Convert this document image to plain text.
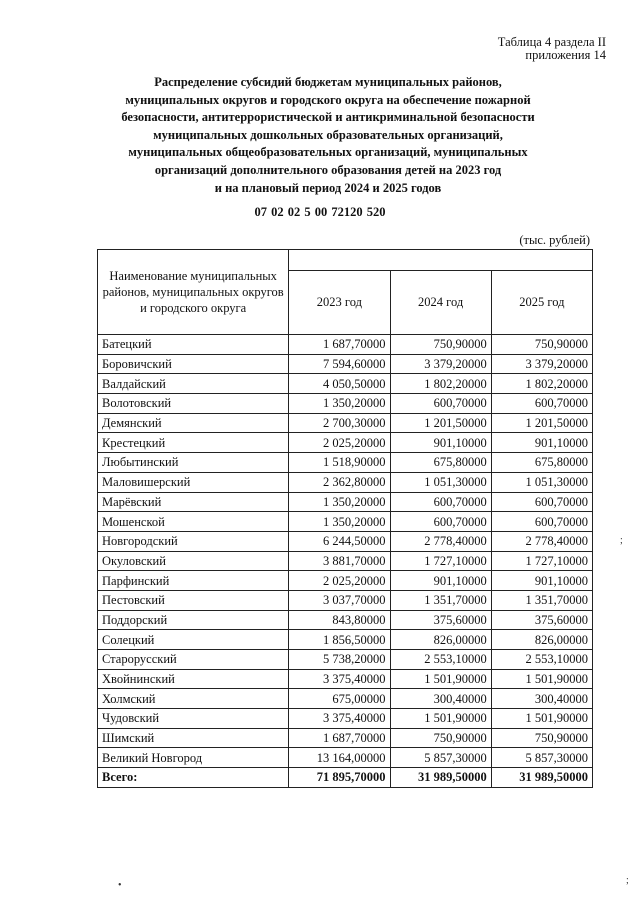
Таблица 4 раздела II
приложения 14
Распределение субсидий бюджетам муниципальных районов,
муниципальных округов и городского округа на обеспечение пожарной
безопасности, антитеррористической и антикриминальной безопасности
муниципальных дошкольных образовательных организаций,
муниципальных общеобразовательных организаций, муниципальных
организаций дополнительного образования детей на 2023 год
и на плановый период 2024 и 2025 годов
07 02 02 5 00 72120 520
(тыс. рублей)
Наименование муниципальных районов, муниципальных округов и городского округа			
	2023 год	2024 год	2025 год
Батецкий	1 687,70000	750,90000	750,90000
Боровичский	7 594,60000	3 379,20000	3 379,20000
Валдайский	4 050,50000	1 802,20000	1 802,20000
Волотовский	1 350,20000	600,70000	600,70000
Демянский	2 700,30000	1 201,50000	1 201,50000
Крестецкий	2 025,20000	901,10000	901,10000
Любытинский	1 518,90000	675,80000	675,80000
Маловишерский	2 362,80000	1 051,30000	1 051,30000
Марёвский	1 350,20000	600,70000	600,70000
Мошенской	1 350,20000	600,70000	600,70000
Новгородский	6 244,50000	2 778,40000	2 778,40000
Окуловский	3 881,70000	1 727,10000	1 727,10000
Парфинский	2 025,20000	901,10000	901,10000
Пестовский	3 037,70000	1 351,70000	1 351,70000
Поддорский	843,80000	375,60000	375,60000
Солецкий	1 856,50000	826,00000	826,00000
Старорусский	5 738,20000	2 553,10000	2 553,10000
Хвойнинский	3 375,40000	1 501,90000	1 501,90000
Холмский	675,00000	300,40000	300,40000
Чудовский	3 375,40000	1 501,90000	1 501,90000
Шимский	1 687,70000	750,90000	750,90000
Великий Новгород	13 164,00000	5 857,30000	5 857,30000
Всего:	71 895,70000	31 989,50000	31 989,50000
;
•	;
